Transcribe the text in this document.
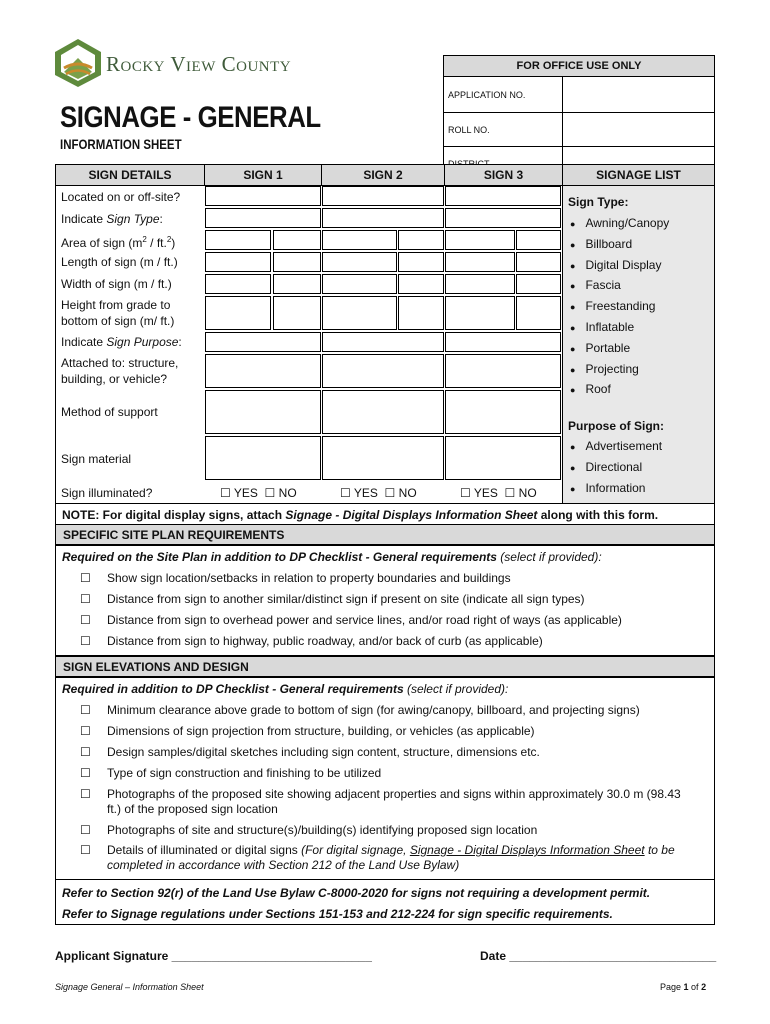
Rocky View County
SIGNAGE - GENERAL
INFORMATION SHEET
FOR OFFICE USE ONLY	
APPLICATION NO.	
ROLL NO.	

SIGN DETAILS	SIGN 1	SIGN 2	SIGN 3	SIGNAGE LIST
Located on or off-site?
Indicate Sign Type:
Area of sign $(m^2 / ft.^2)$
Length of sign (m / ft.)
Width of sign (m / ft.)
Height from grade to bottom of sign (m/ ft.)
Indicate Sign Purpose:
Attached to: structure, building, or vehicle?
Method of support
Sign material
Sign illuminated?	☐ YES  ☐ NO	☐ YES  ☐ NO	☐ YES  ☐ NO
Sign Type:
● Awning/Canopy
● Billboard
● Digital Display
● Fascia
● Freestanding
● Inflatable
● Portable
● Projecting
● Roof
Purpose of Sign:
● Advertisement
● Directional
● Information
NOTE: For digital display signs, attach Signage - Digital Displays Information Sheet along with this form.
SPECIFIC SITE PLAN REQUIREMENTS
Required on the Site Plan in addition to DP Checklist - General requirements (select if provided):
☐ Show sign location/setbacks in relation to property boundaries and buildings
☐ Distance from sign to another similar/distinct sign if present on site (indicate all sign types)
☐ Distance from sign to overhead power and service lines, and/or road right of ways (as applicable)
☐ Distance from sign to highway, public roadway, and/or back of curb (as applicable)
SIGN ELEVATIONS AND DESIGN
Required in addition to DP Checklist - General requirements (select if provided):
☐ Minimum clearance above grade to bottom of sign (for awing/canopy, billboard, and projecting signs)
☐ Dimensions of sign projection from structure, building, or vehicles (as applicable)
☐ Design samples/digital sketches including sign content, structure, dimensions etc.
☐ Type of sign construction and finishing to be utilized
☐ Photographs of the proposed site showing adjacent properties and signs within approximately 30.0 m (98.43 ft.) of the proposed sign location
☐ Photographs of site and structure(s)/building(s) identifying proposed sign location
☐ Details of illuminated or digital signs (For digital signage, Signage - Digital Displays Information Sheet to be completed in accordance with Section 212 of the Land Use Bylaw)
Refer to Section 92(r) of the Land Use Bylaw C-8000-2020 for signs not requiring a development permit.
Refer to Signage regulations under Sections 151-153 and 212-224 for sign specific requirements.
Applicant Signature ______________________________	Date _______________________________
Signage General – Information Sheet	Page 1 of 2
